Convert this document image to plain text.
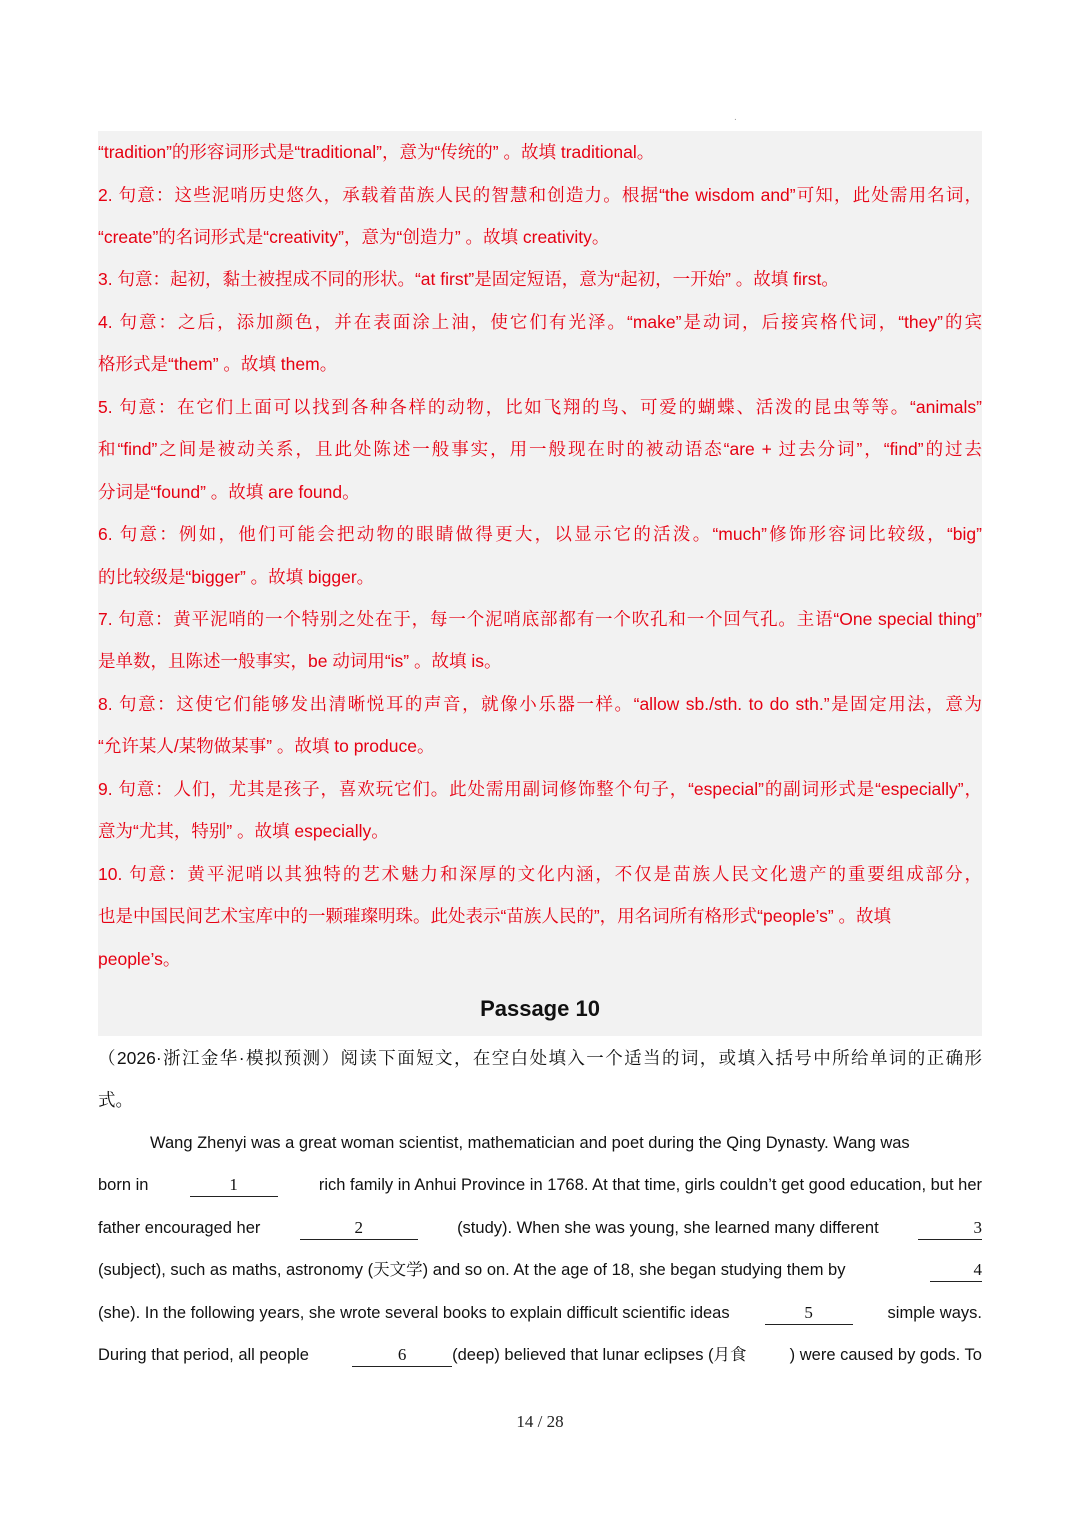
.
“tradition”的形容词形式是“traditional”，意为“传统的” 。故填 traditional。
2. 句意：这些泥哨历史悠久，承载着苗族人民的智慧和创造力。根据“the wisdom and”可知，此处需用名词，
“create”的名词形式是“creativity”，意为“创造力” 。故填 creativity。
3. 句意：起初，黏土被捏成不同的形状。“at first”是固定短语，意为“起初，一开始” 。故填 first。
4. 句意：之后，添加颜色，并在表面涂上油，使它们有光泽。“make”是动词，后接宾格代词，“they”的宾
格形式是“them” 。故填 them。
5. 句意：在它们上面可以找到各种各样的动物，比如飞翔的鸟、可爱的蝴蝶、活泼的昆虫等等。“animals”
和“find”之间是被动关系，且此处陈述一般事实，用一般现在时的被动语态“are + 过去分词”，“find”的过去
分词是“found” 。故填 are found。
6. 句意：例如，他们可能会把动物的眼睛做得更大，以显示它的活泼。“much”修饰形容词比较级，“big”
的比较级是“bigger” 。故填 bigger。
7. 句意：黄平泥哨的一个特别之处在于，每一个泥哨底部都有一个吹孔和一个回气孔。主语“One special thing”
是单数，且陈述一般事实，be 动词用“is” 。故填 is。
8. 句意：这使它们能够发出清晰悦耳的声音，就像小乐器一样。“allow sb./sth. to do sth.”是固定用法，意为
“允许某人/某物做某事” 。故填 to produce。
9. 句意：人们，尤其是孩子，喜欢玩它们。此处需用副词修饰整个句子，“especial”的副词形式是“especially”，
意为“尤其，特别” 。故填 especially。
10. 句意：黄平泥哨以其独特的艺术魅力和深厚的文化内涵，不仅是苗族人民文化遗产的重要组成部分，
也是中国民间艺术宝库中的一颗璀璨明珠。此处表示“苗族人民的”，用名词所有格形式“people’s” 。故填
people’s。
Passage 10
（2026·浙江金华·模拟预测）阅读下面短文，在空白处填入一个适当的词，或填入括号中所给单词的正确形
式。
Wang Zhenyi was a great woman scientist, mathematician and poet during the Qing Dynasty. Wang was
born in	1	rich family in Anhui Province in 1768. At that time, girls couldn’t get good education, but her
father encouraged her	2	(study). When she was young, she learned many different	3
(subject), such as maths, astronomy (天文学) and so on. At the age of 18, she began studying them by	4
(she). In the following years, she wrote several books to explain difficult scientific ideas	5	simple ways.
During that period, all people	6	(deep) believed that lunar eclipses ( 月食	) were caused by gods. To
14 / 28
